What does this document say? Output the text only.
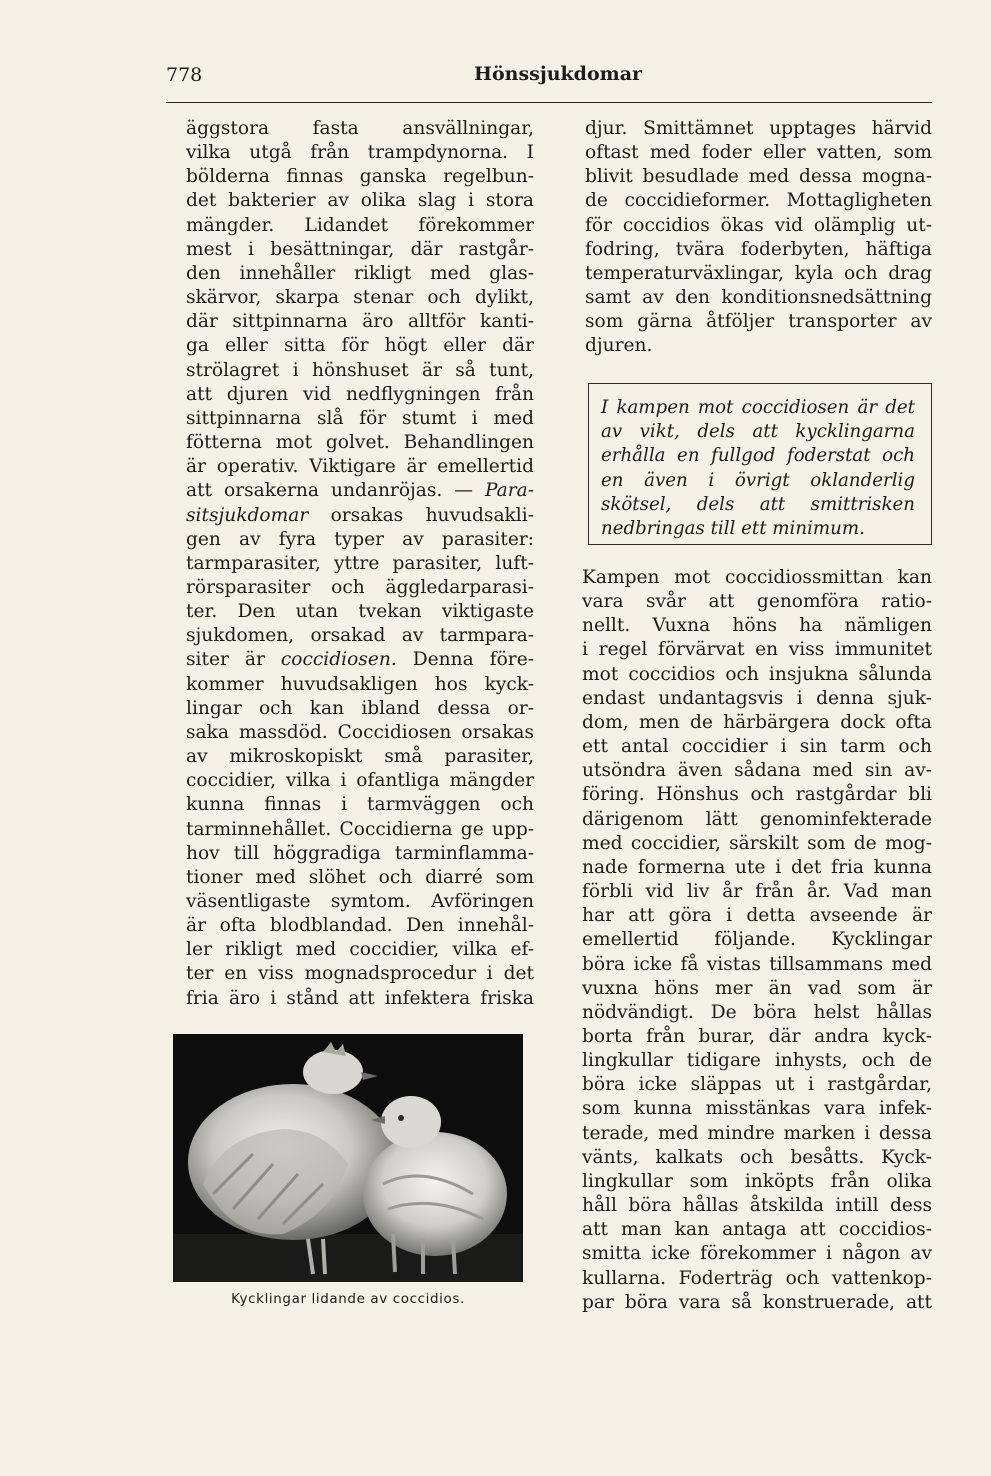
778	Hönssjukdomar
äggstora fasta ansvällningar,
vilka utgå från trampdynorna. I
bölderna finnas ganska regelbun-
det bakterier av olika slag i stora
mängder. Lidandet förekommer
mest i besättningar, där rastgår-
den innehåller rikligt med glas-
skärvor, skarpa stenar och dylikt,
där sittpinnarna äro alltför kanti-
ga eller sitta för högt eller där
strölagret i hönshuset är så tunt,
att djuren vid nedflygningen från
sittpinnarna slå för stumt i med
fötterna mot golvet. Behandlingen
är operativ. Viktigare är emellertid
att orsakerna undanröjas. — Para-
sitsjukdomar orsakas huvudsakli-
gen av fyra typer av parasiter:
tarmparasiter, yttre parasiter, luft-
rörsparasiter och äggledarparasi-
ter. Den utan tvekan viktigaste
sjukdomen, orsakad av tarmpara-
siter är coccidiosen. Denna före-
kommer huvudsakligen hos kyck-
lingar och kan ibland dessa or-
saka massdöd. Coccidiosen orsakas
av mikroskopiskt små parasiter,
coccidier, vilka i ofantliga mängder
kunna finnas i tarmväggen och
tarminnehållet. Coccidierna ge upp-
hov till höggradiga tarminflamma-
tioner med slöhet och diarré som
väsentligaste symtom. Avföringen
är ofta blodblandad. Den innehål-
ler rikligt med coccidier, vilka ef-
ter en viss mognadsprocedur i det
fria äro i stånd att infektera friska
djur. Smittämnet upptages härvid
oftast med foder eller vatten, som
blivit besudlade med dessa mogna-
de coccidieformer. Mottagligheten
för coccidios ökas vid olämplig ut-
fodring, tvära foderbyten, häftiga
temperaturväxlingar, kyla och drag
samt av den konditionsnedsättning
som gärna åtföljer transporter av
djuren.
I kampen mot coccidiosen är det
av vikt, dels att kycklingarna
erhålla en fullgod foderstat och
en även i övrigt oklanderlig
skötsel, dels att smittrisken
nedbringas till ett minimum.
Kampen mot coccidiossmittan kan
vara svår att genomföra ratio-
nellt. Vuxna höns ha nämligen
i regel förvärvat en viss immunitet
mot coccidios och insjukna sålunda
endast undantagsvis i denna sjuk-
dom, men de härbärgera dock ofta
ett antal coccidier i sin tarm och
utsöndra även sådana med sin av-
föring. Hönshus och rastgårdar bli
därigenom lätt genominfekterade
med coccidier, särskilt som de mog-
nade formerna ute i det fria kunna
förbli vid liv år från år. Vad man
har att göra i detta avseende är
emellertid följande. Kycklingar
böra icke få vistas tillsammans med
vuxna höns mer än vad som är
nödvändigt. De böra helst hållas
borta från burar, där andra kyck-
lingkullar tidigare inhysts, och de
böra icke släppas ut i rastgårdar,
som kunna misstänkas vara infek-
terade, med mindre marken i dessa
vänts, kalkats och besåtts. Kyck-
lingkullar som inköpts från olika
håll böra hållas åtskilda intill dess
att man kan antaga att coccidios-
smitta icke förekommer i någon av
kullarna. Foderträg och vattenkop-
par böra vara så konstruerade, att
Kycklingar lidande av coccidios.
